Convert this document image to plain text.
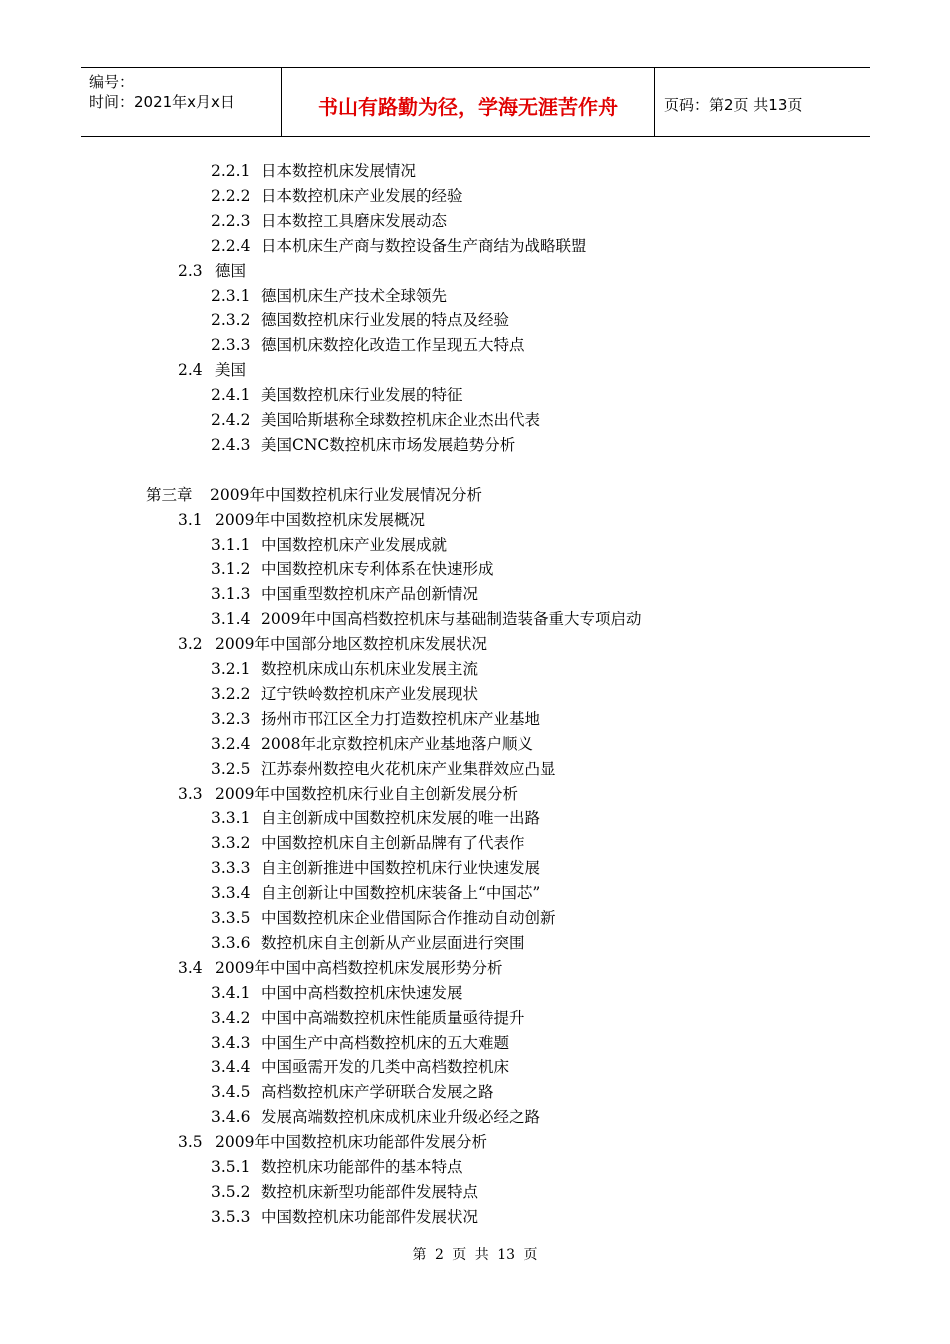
编号：
时间：2021年x月x日	书山有路勤为径，学海无涯苦作舟	页码：第2页 共13页
2.2.1 日本数控机床发展情况
2.2.2 日本数控机床产业发展的经验
2.2.3 日本数控工具磨床发展动态
2.2.4 日本机床生产商与数控设备生产商结为战略联盟
2.3 德国
2.3.1 德国机床生产技术全球领先
2.3.2 德国数控机床行业发展的特点及经验
2.3.3 德国机床数控化改造工作呈现五大特点
2.4 美国
2.4.1 美国数控机床行业发展的特征
2.4.2 美国哈斯堪称全球数控机床企业杰出代表
2.4.3 美国CNC数控机床市场发展趋势分析
第三章 2009年中国数控机床行业发展情况分析
3.1 2009年中国数控机床发展概况
3.1.1 中国数控机床产业发展成就
3.1.2 中国数控机床专利体系在快速形成
3.1.3 中国重型数控机床产品创新情况
3.1.4 2009年中国高档数控机床与基础制造装备重大专项启动
3.2 2009年中国部分地区数控机床发展状况
3.2.1 数控机床成山东机床业发展主流
3.2.2 辽宁铁岭数控机床产业发展现状
3.2.3 扬州市邗江区全力打造数控机床产业基地
3.2.4 2008年北京数控机床产业基地落户顺义
3.2.5 江苏泰州数控电火花机床产业集群效应凸显
3.3 2009年中国数控机床行业自主创新发展分析
3.3.1 自主创新成中国数控机床发展的唯一出路
3.3.2 中国数控机床自主创新品牌有了代表作
3.3.3 自主创新推进中国数控机床行业快速发展
3.3.4 自主创新让中国数控机床装备上“中国芯”
3.3.5 中国数控机床企业借国际合作推动自动创新
3.3.6 数控机床自主创新从产业层面进行突围
3.4 2009年中国中高档数控机床发展形势分析
3.4.1 中国中高档数控机床快速发展
3.4.2 中国中高端数控机床性能质量亟待提升
3.4.3 中国生产中高档数控机床的五大难题
3.4.4 中国亟需开发的几类中高档数控机床
3.4.5 高档数控机床产学研联合发展之路
3.4.6 发展高端数控机床成机床业升级必经之路
3.5 2009年中国数控机床功能部件发展分析
3.5.1 数控机床功能部件的基本特点
3.5.2 数控机床新型功能部件发展特点
3.5.3 中国数控机床功能部件发展状况
第 2 页 共 13 页
